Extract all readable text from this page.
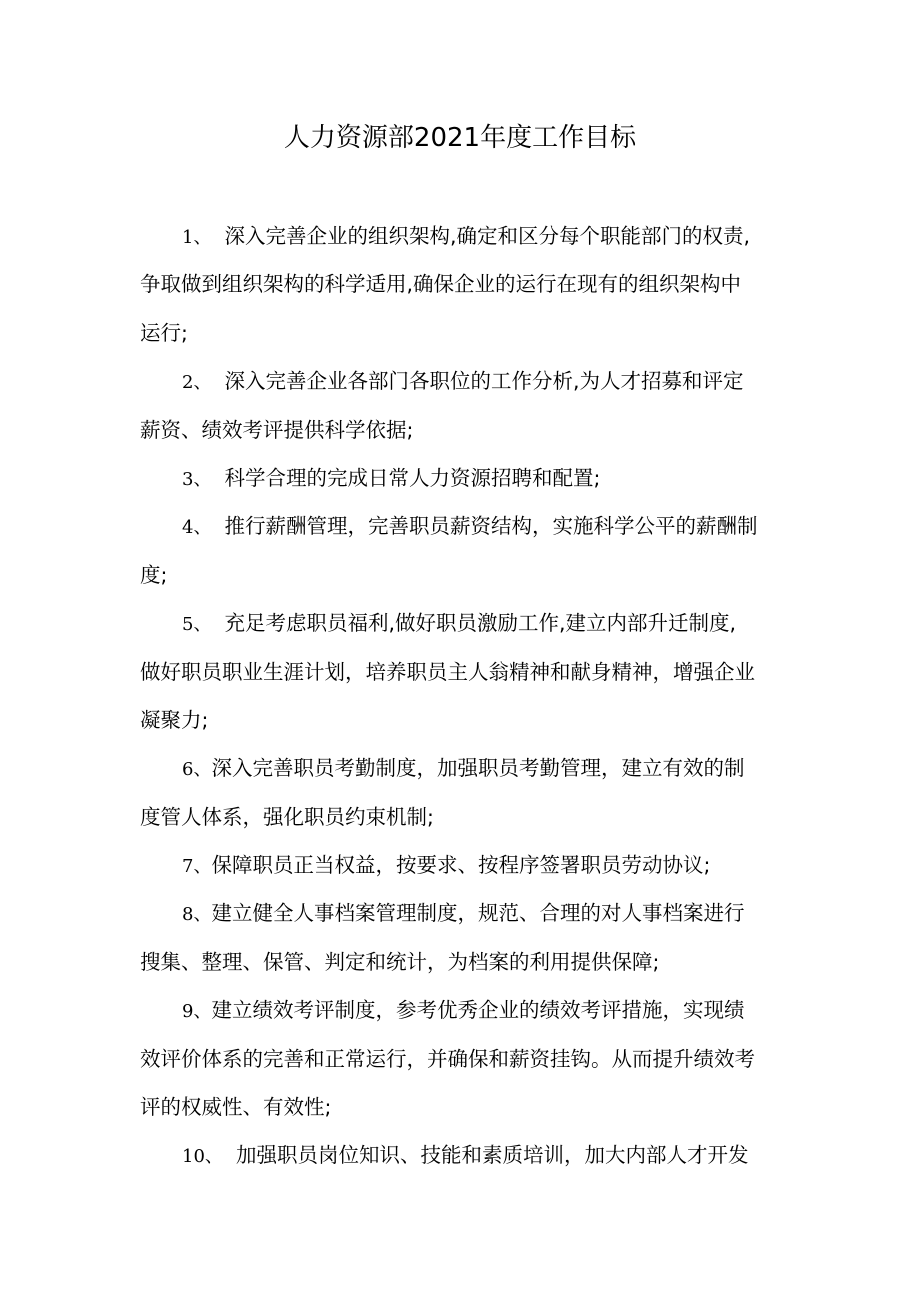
人力资源部2021年度工作目标
1、  深入完善企业的组织架构,确定和区分每个职能部门的权责,
争取做到组织架构的科学适用,确保企业的运行在现有的组织架构中
运行;
2、  深入完善企业各部门各职位的工作分析,为人才招募和评定
薪资、绩效考评提供科学依据;
3、  科学合理的完成日常人力资源招聘和配置;
4、  推行薪酬管理，完善职员薪资结构，实施科学公平的薪酬制
度;
5、  充足考虑职员福利,做好职员激励工作,建立内部升迁制度,
做好职员职业生涯计划，培养职员主人翁精神和献身精神，增强企业
凝聚力;
6、深入完善职员考勤制度，加强职员考勤管理，建立有效的制
度管人体系，强化职员约束机制;
7、保障职员正当权益，按要求、按程序签署职员劳动协议;
8、建立健全人事档案管理制度，规范、合理的对人事档案进行
搜集、整理、保管、判定和统计，为档案的利用提供保障;
9、建立绩效考评制度，参考优秀企业的绩效考评措施，实现绩
效评价体系的完善和正常运行，并确保和薪资挂钩。从而提升绩效考
评的权威性、有效性;
10、  加强职员岗位知识、技能和素质培训，加大内部人才开发
